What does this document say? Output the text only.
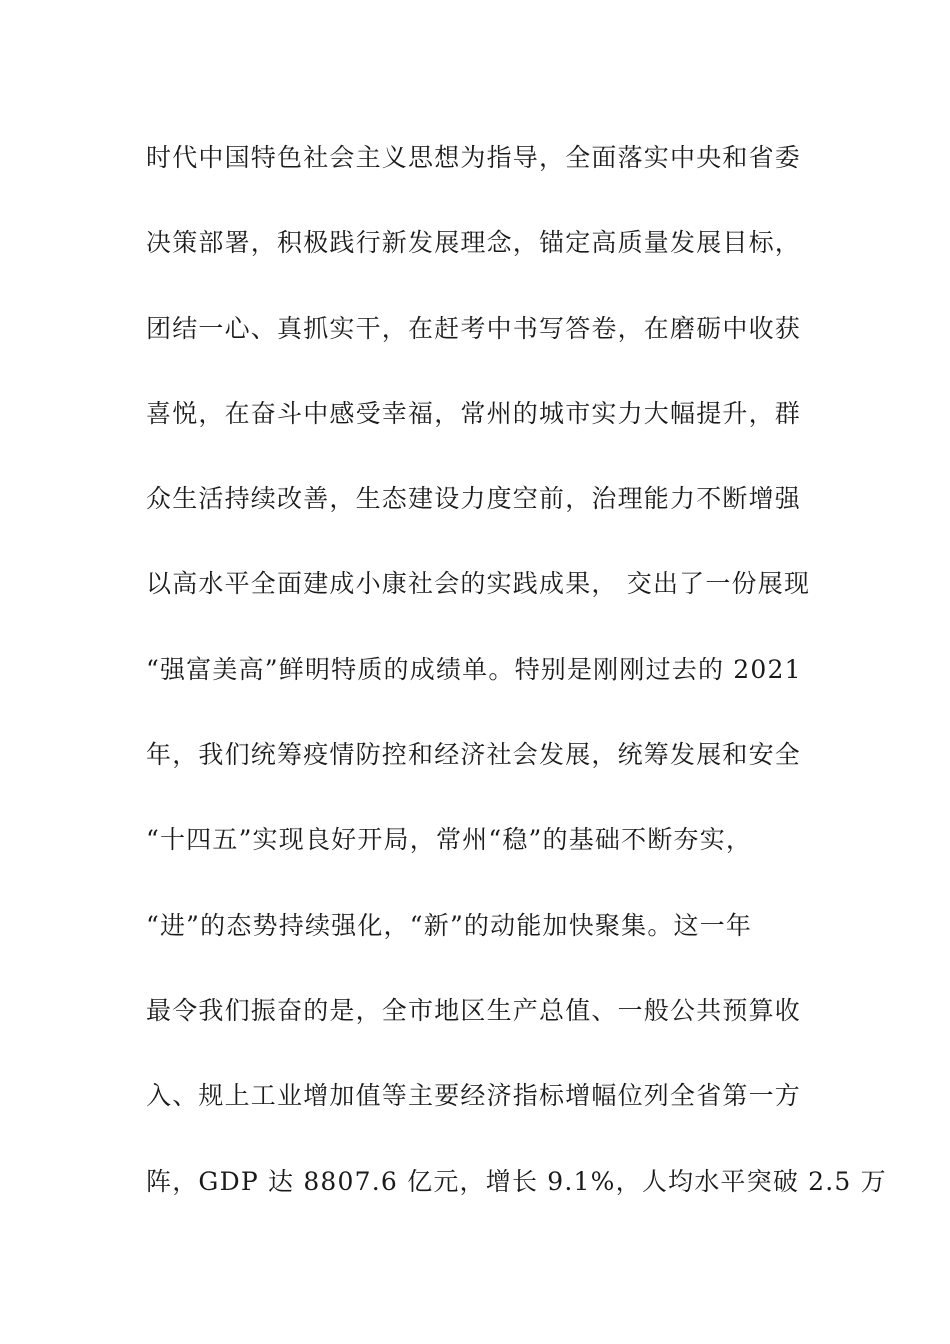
时代中国特色社会主义思想为指导，全面落实中央和省委
决策部署，积极践行新发展理念，锚定高质量发展目标，
团结一心、真抓实干，在赶考中书写答卷，在磨砺中收获
喜悦，在奋斗中感受幸福，常州的城市实力大幅提升，群
众生活持续改善，生态建设力度空前，治理能力不断增强
以高水平全面建成小康社会的实践成果， 交出了一份展现
“强富美高”鲜明特质的成绩单。特别是刚刚过去的 2021
年，我们统筹疫情防控和经济社会发展，统筹发展和安全
“十四五”实现良好开局，常州“稳”的基础不断夯实，
“进”的态势持续强化，“新”的动能加快聚集。这一年
最令我们振奋的是，全市地区生产总值、一般公共预算收
入、规上工业增加值等主要经济指标增幅位列全省第一方
阵，GDP 达 8807.6 亿元，增长 9.1%，人均水平突破 2.5 万
